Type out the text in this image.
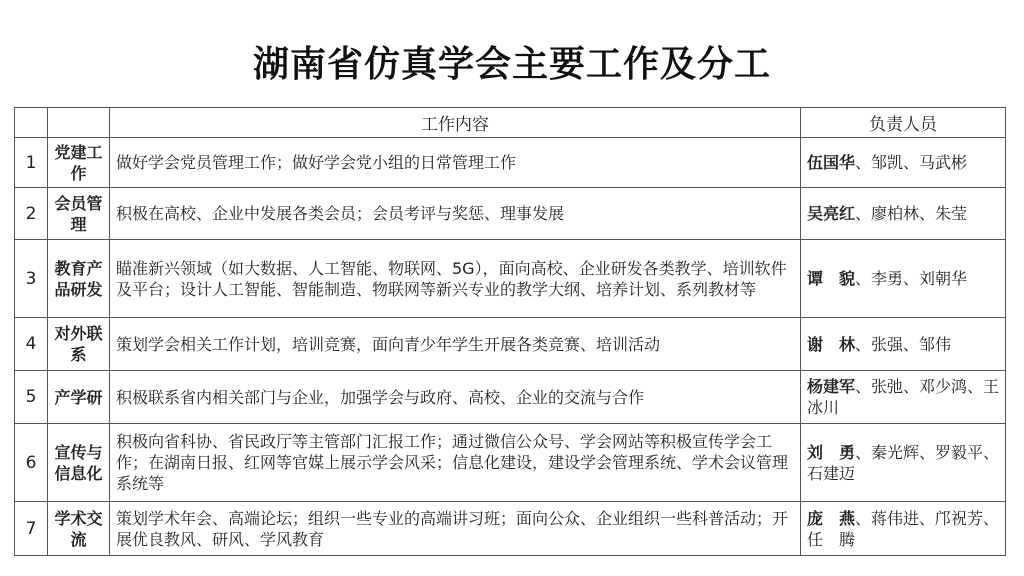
湖南省仿真学会主要工作及分工
		工作内容	负责人员
1	党建工作	做好学会党员管理工作；做好学会党小组的日常管理工作	伍国华、邹凯、马武彬
2	会员管理	积极在高校、企业中发展各类会员；会员考评与奖惩、理事发展	吴亮红、廖柏林、朱莹
3	教育产品研发	瞄准新兴领域（如大数据、人工智能、物联网、5G），面向高校、企业研发各类教学、培训软件及平台；设计人工智能、智能制造、物联网等新兴专业的教学大纲、培养计划、系列教材等	谭　貌、李勇、刘朝华
4	对外联系	策划学会相关工作计划，培训竞赛，面向青少年学生开展各类竞赛、培训活动	谢　林、张强、邹伟
5	产学研	积极联系省内相关部门与企业，加强学会与政府、高校、企业的交流与合作	杨建军、张弛、邓少鸿、王冰川
6	宣传与信息化	积极向省科协、省民政厅等主管部门汇报工作；通过微信公众号、学会网站等积极宣传学会工作；在湖南日报、红网等官媒上展示学会风采；信息化建设，建设学会管理系统、学术会议管理系统等	刘　勇、秦光辉、罗毅平、石建迈
7	学术交流	策划学术年会、高端论坛；组织一些专业的高端讲习班；面向公众、企业组织一些科普活动；开展优良教风、研风、学风教育	庞　燕、蒋伟进、邝祝芳、任　腾
